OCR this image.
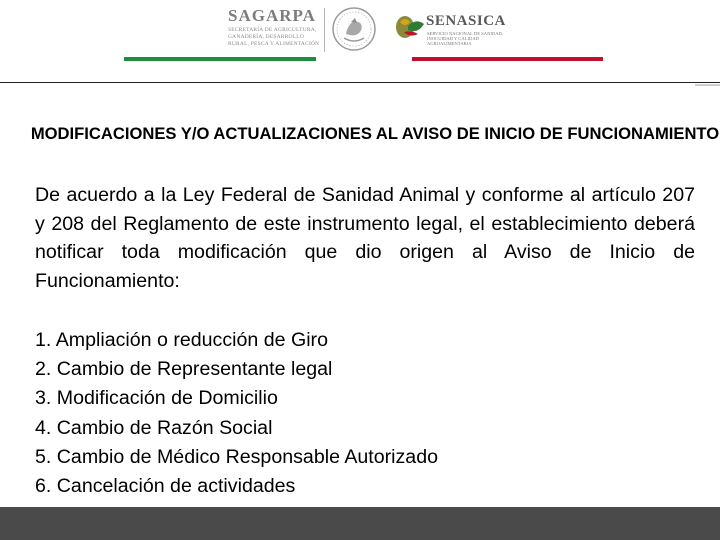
SAGARPA
SECRETARÍA DE AGRICULTURA, GANADERÍA, DESARROLLO RURAL, PESCA Y ALIMENTACIÓN
SENASICA
SERVICIO NACIONAL DE SANIDAD, INOCUIDAD Y CALIDAD AGROALIMENTARIA
MODIFICACIONES Y/O ACTUALIZACIONES AL AVISO DE INICIO DE FUNCIONAMIENTO
De acuerdo a la Ley Federal de Sanidad Animal y conforme al artículo 207 y 208 del Reglamento de este instrumento legal, el establecimiento deberá notificar toda modificación que dio origen al Aviso de Inicio de Funcionamiento:
1. Ampliación o reducción de Giro
2. Cambio de Representante legal
3. Modificación de Domicilio
4. Cambio de Razón Social
5. Cambio de Médico Responsable Autorizado
6. Cancelación de actividades
